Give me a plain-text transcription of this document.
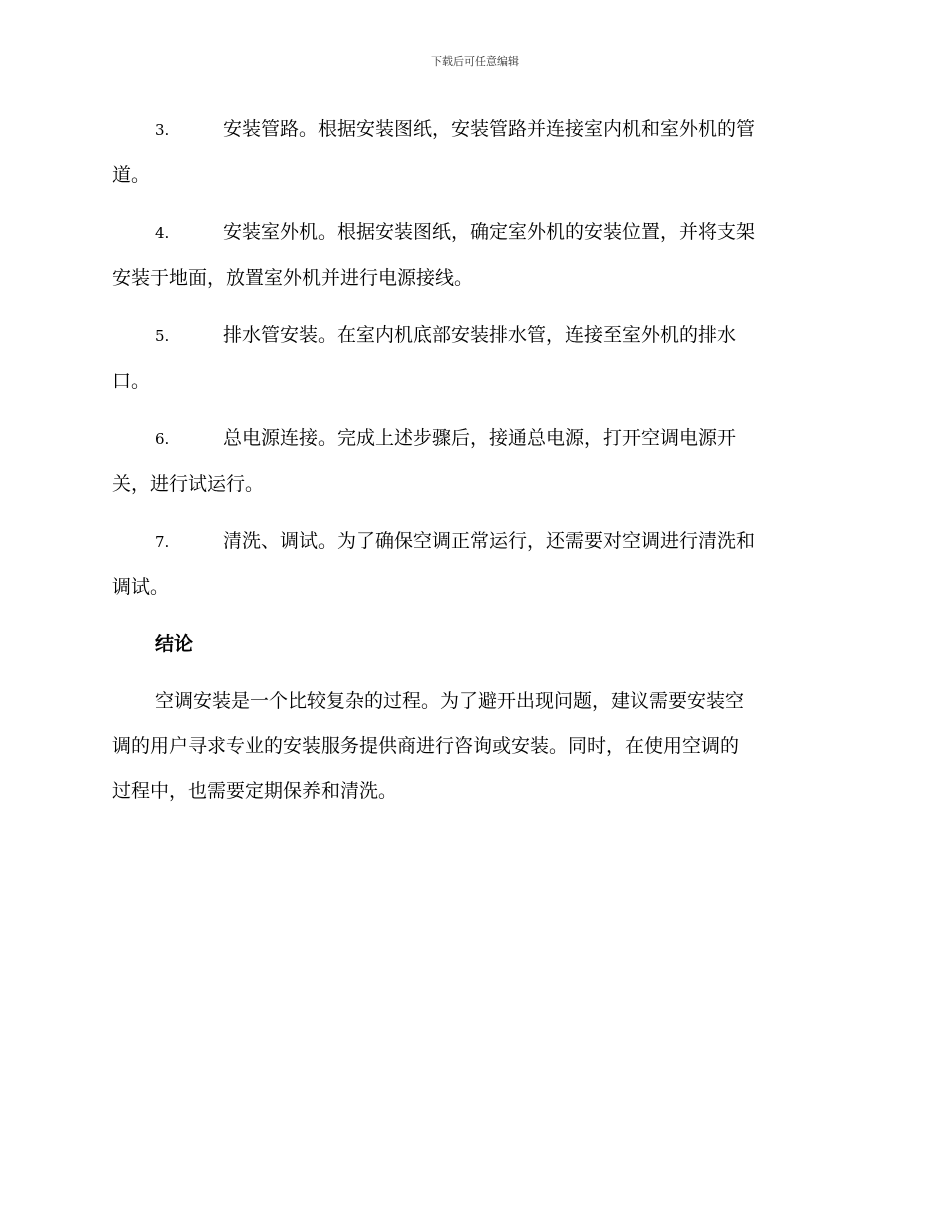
下载后可任意编辑
3.	安装管路。根据安装图纸，安装管路并连接室内机和室外机的管
道。
4.	安装室外机。根据安装图纸，确定室外机的安装位置，并将支架
安装于地面，放置室外机并进行电源接线。
5.	排水管安装。在室内机底部安装排水管，连接至室外机的排水
口。
6.	总电源连接。完成上述步骤后，接通总电源，打开空调电源开
关，进行试运行。
7.	清洗、调试。为了确保空调正常运行，还需要对空调进行清洗和
调试。
结论
空调安装是一个比较复杂的过程。为了避开出现问题，建议需要安装空
调的用户寻求专业的安装服务提供商进行咨询或安装。同时，在使用空调的
过程中，也需要定期保养和清洗。
